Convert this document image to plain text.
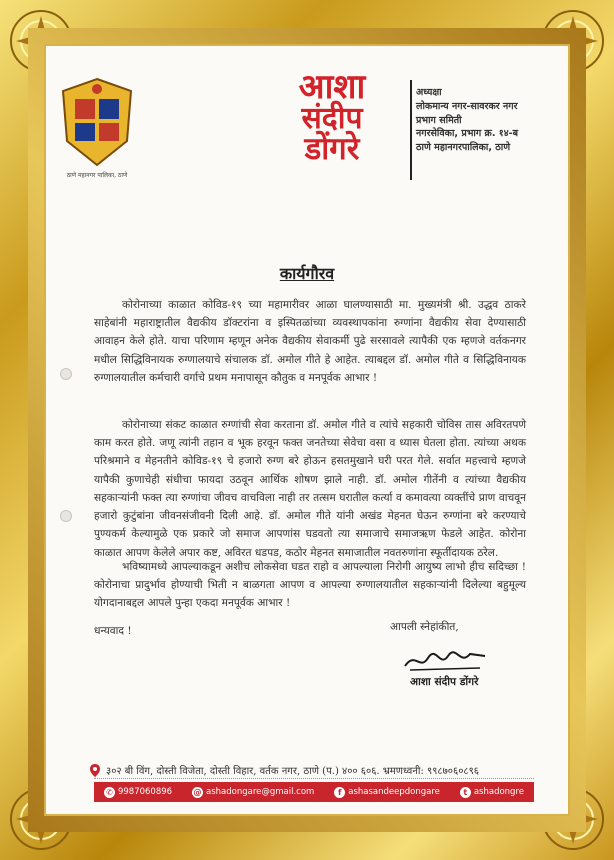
ठाणे महानगर पालिका, ठाणे
आशा
संदीप
डोंगरे
अध्यक्षा
लोकमान्य नगर-सावरकर नगर
प्रभाग समिती
नगरसेविका, प्रभाग क्र. १४-ब
ठाणे महानगरपालिका, ठाणे
कार्यगौरव
कोरोनाच्या काळात कोविड-१९ च्या महामारीवर आळा घालण्यासाठी मा. मुख्यमंत्री श्री. उद्धव ठाकरे साहेबांनी महाराष्ट्रातील वैद्यकीय डॉक्टरांना व इस्पितळांच्या व्यवस्थापकांना रुग्णांना वैद्यकीय सेवा देण्यासाठी आवाहन केले होते. याचा परिणाम म्हणून अनेक वैद्यकीय सेवाकर्मी पुढे सरसावले त्यापैकी एक म्हणजे वर्तकनगर मधील सिद्धिविनायक रुग्णालयाचे संचालक डॉ. अमोल गीते हे आहेत. त्याबद्दल डॉ. अमोल गीते व सिद्धिविनायक रुग्णालयातील कर्मचारी वर्गाचे प्रथम मनापासून कौतुक व मनपूर्वक आभार !
कोरोनाच्या संकट काळात रुग्णांची सेवा करताना डॉ. अमोल गीते व त्यांचे सहकारी चोविस तास अविरतपणे काम करत होते. जणू त्यांनी तहान व भूक हरवून फक्त जनतेच्या सेवेचा वसा व ध्यास घेतला होता. त्यांच्या अथक परिश्रमाने व मेहनतीने कोविड-१९ चे हजारो रुग्ण बरे होऊन हसतमुखाने घरी परत गेले. सर्वात महत्त्वाचे म्हणजे यापैकी कुणाचेही संधीचा फायदा उठवून आर्थिक शोषण झाले नाही. डॉ. अमोल गीतेंनी व त्यांच्या वैद्यकीय सहकाऱ्यांनी फक्त त्या रुग्णांचा जीवच वाचविला नाही तर तत्सम घरातील कर्त्या व कमावत्या व्यक्तींचे प्राण वाचवून हजारो कुटुंबांना जीवनसंजीवनी दिली आहे. डॉ. अमोल गीते यांनी अखंड मेहनत घेऊन रुग्णांना बरे करण्याचे पुण्यकर्म केल्यामुळे एक प्रकारे जो समाज आपणांस घडवतो त्या समाजाचे समाजऋण फेडले आहेत. कोरोना काळात आपण केलेले अपार कष्ट, अविरत धडपड, कठोर मेहनत समाजातील नवतरुणांना स्फूर्तीदायक ठरेल.
भविष्यामध्ये आपल्याकडून अशीच लोकसेवा घडत राहो व आपल्याला निरोगी आयुष्य लाभो हीच सदिच्छा ! कोरोनाचा प्रादुर्भाव होण्याची भिती न बाळगता आपण व आपल्या रुग्णालयातील सहकाऱ्यांनी दिलेल्या बहुमूल्य योगदानाबद्दल आपले पुन्हा एकदा मनपूर्वक आभार !
धन्यवाद !	आपली स्नेहांकीत,
आशा संदीप डोंगरे
३०२ बी विंग, दोस्ती विजेता, दोस्ती विहार, वर्तक नगर, ठाणे (प.) ४०० ६०६. भ्रमणध्वनी: ९९८७०६०८९६
✆ 9987060896	@ ashadongare@gmail.com	f ashasandeepdongare	t ashadongre
